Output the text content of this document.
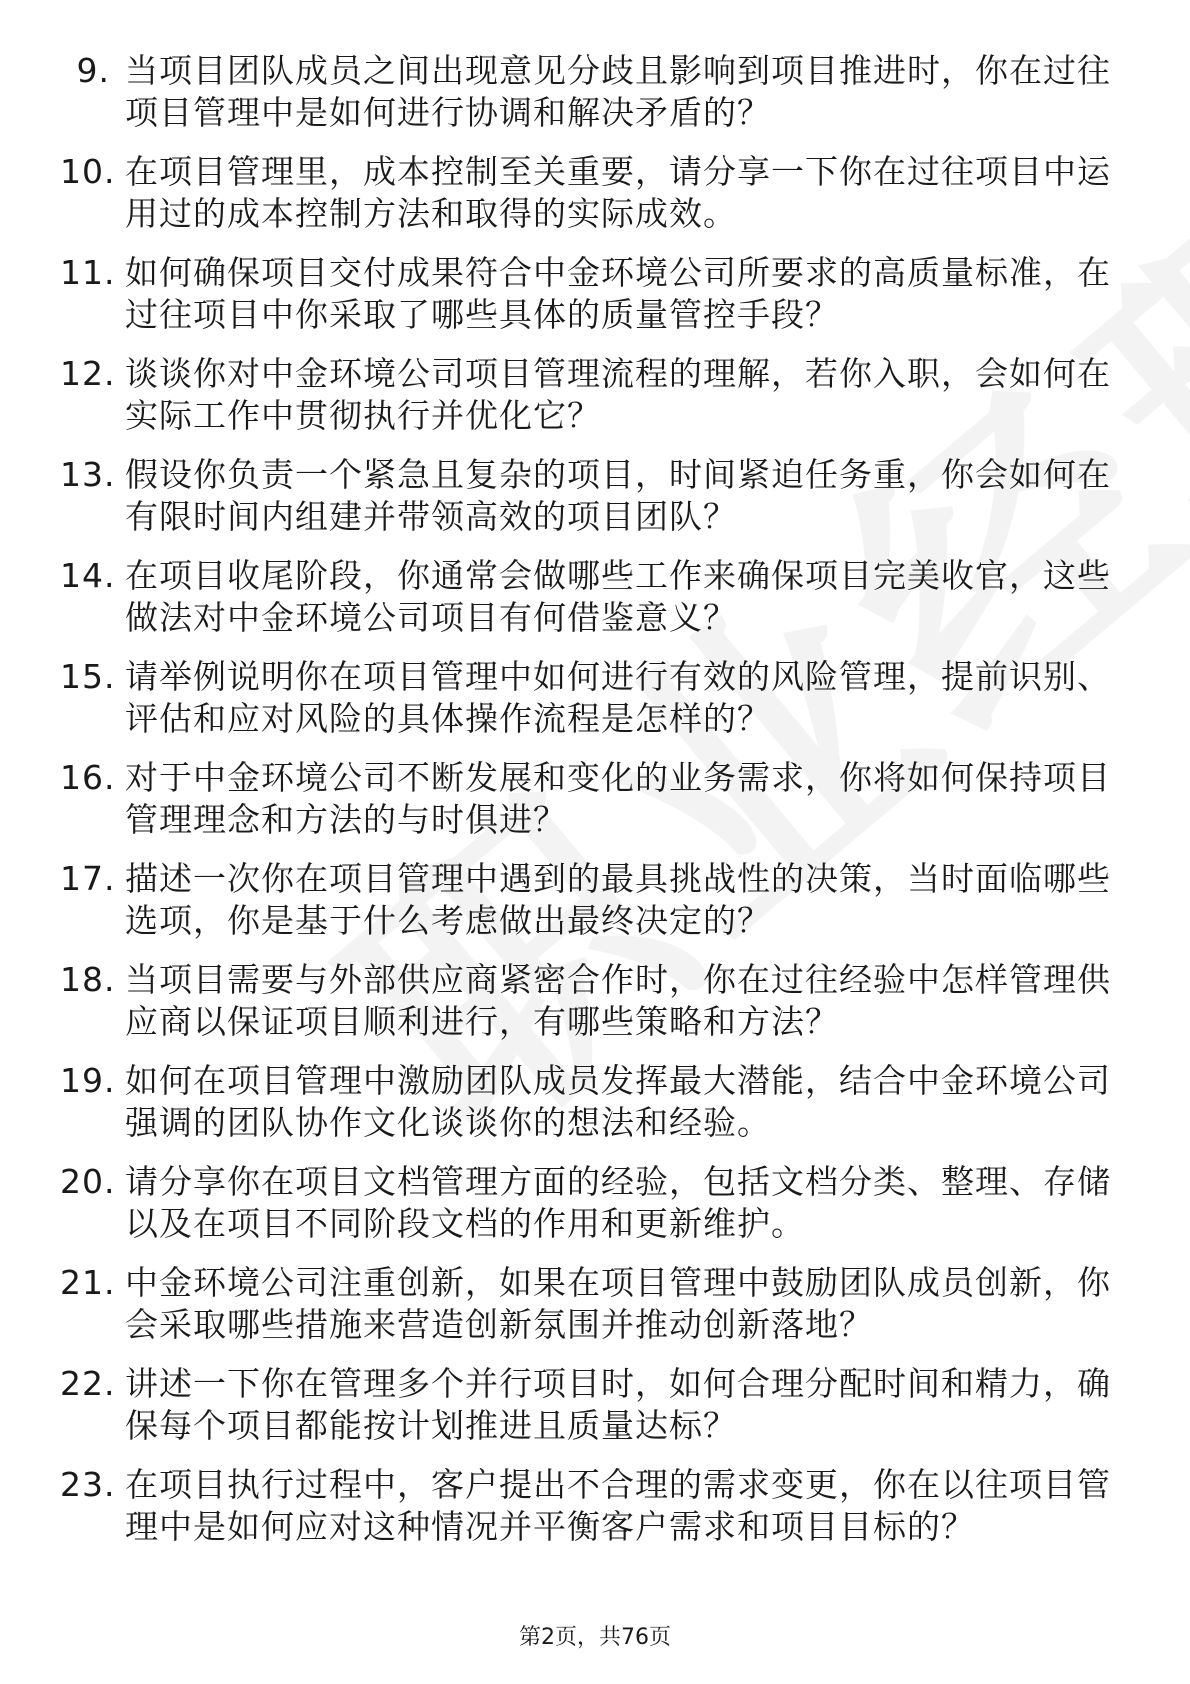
9. 当项目团队成员之间出现意见分歧且影响到项目推进时，你在过往项目管理中是如何进行协调和解决矛盾的？
10. 在项目管理里，成本控制至关重要，请分享一下你在过往项目中运用过的成本控制方法和取得的实际成效。
11. 如何确保项目交付成果符合中金环境公司所要求的高质量标准，在过往项目中你采取了哪些具体的质量管控手段？
12. 谈谈你对中金环境公司项目管理流程的理解，若你入职，会如何在实际工作中贯彻执行并优化它？
13. 假设你负责一个紧急且复杂的项目，时间紧迫任务重，你会如何在有限时间内组建并带领高效的项目团队？
14. 在项目收尾阶段，你通常会做哪些工作来确保项目完美收官，这些做法对中金环境公司项目有何借鉴意义？
15. 请举例说明你在项目管理中如何进行有效的风险管理，提前识别、评估和应对风险的具体操作流程是怎样的？
16. 对于中金环境公司不断发展和变化的业务需求，你将如何保持项目管理理念和方法的与时俱进？
17. 描述一次你在项目管理中遇到的最具挑战性的决策，当时面临哪些选项，你是基于什么考虑做出最终决定的？
18. 当项目需要与外部供应商紧密合作时，你在过往经验中怎样管理供应商以保证项目顺利进行，有哪些策略和方法？
19. 如何在项目管理中激励团队成员发挥最大潜能，结合中金环境公司强调的团队协作文化谈谈你的想法和经验。
20. 请分享你在项目文档管理方面的经验，包括文档分类、整理、存储以及在项目不同阶段文档的作用和更新维护。
21. 中金环境公司注重创新，如果在项目管理中鼓励团队成员创新，你会采取哪些措施来营造创新氛围并推动创新落地？
22. 讲述一下你在管理多个并行项目时，如何合理分配时间和精力，确保每个项目都能按计划推进且质量达标？
23. 在项目执行过程中，客户提出不合理的需求变更，你在以往项目管理中是如何应对这种情况并平衡客户需求和项目目标的？
第2页，共76页
